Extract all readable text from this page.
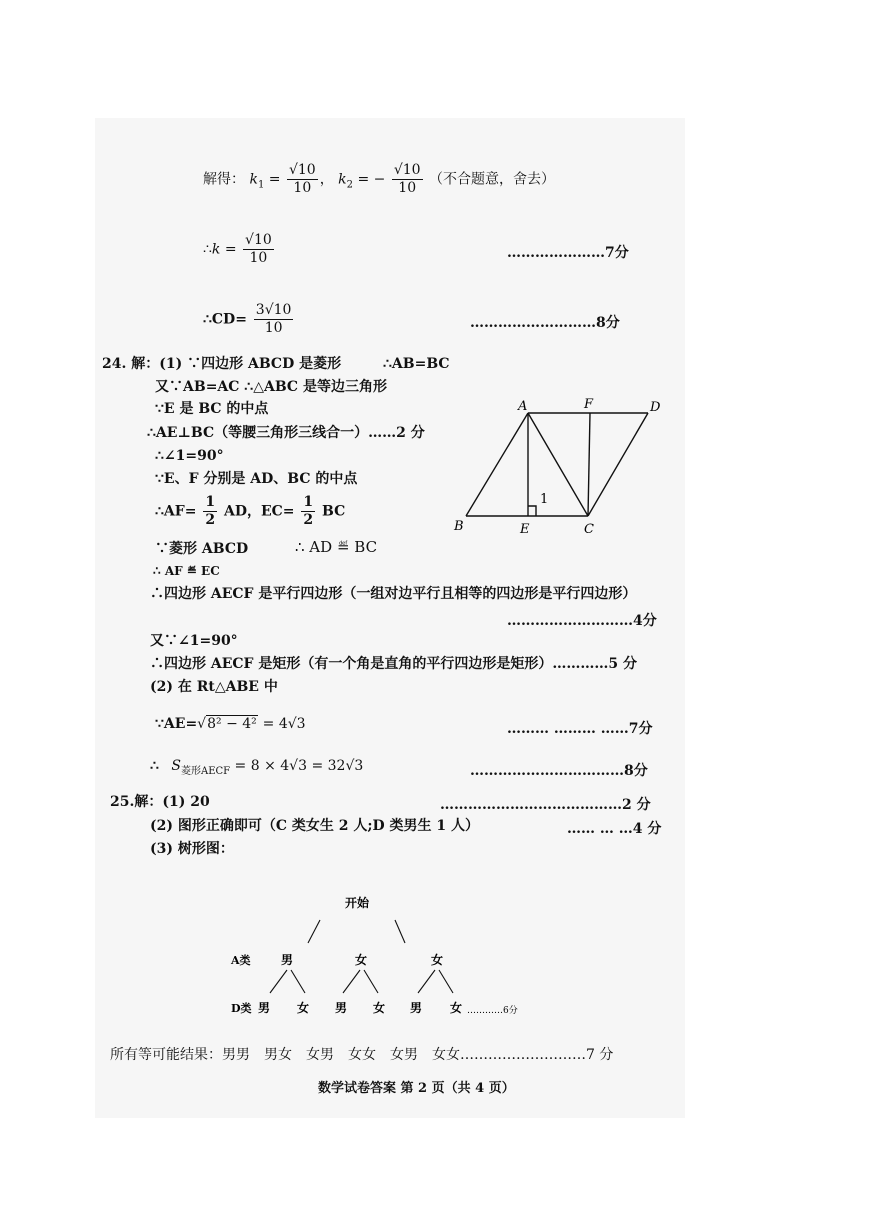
解得： $k_1 = \frac{√10}{10}$ ， $k_2$ = − $\frac{√10}{10}$ （不合题意，舍去）
∴k = $\frac{√10}{10}$	…………………7分
∴CD= $\frac{3√10}{10}$	………………………8分
24. 解：(1) ∵四边形 ABCD 是菱形	∴AB=BC
又∵AB=AC ∴△ABC 是等边三角形
∵E 是 BC 的中点
∴AE⊥BC（等腰三角形三线合一）……2 分
∴∠1=90°
∵E、F 分别是 AD、BC 的中点
∴AF= $\frac{1}{2}$ AD，$EC= \frac{1}{2}$ BC
∵菱形 ABCD	∴ AD ≝ BC
∴ AF ≝ EC
∴四边形 AECF 是平行四边形（一组对边平行且相等的四边形是平行四边形）
………………………4分
又∵∠1=90°
∴四边形 AECF 是矩形（有一个角是直角的平行四边形是矩形）…………5 分
(2) 在 Rt△ABE 中
∵AE=√8² − 4² = 4√3	……… ……… ……7分
∴ $S_{菱形AECF} = 8 \times 4√3 = 32√3$	……………………………8分
A	F	D
B	E	C
1
25.解：(1) 20	…………………………………2 分
(2) 图形正确即可（C 类女生 2 人;D 类男生 1 人）	…… … …4 分
(3) 树形图：
开始
A类	男	女	女
D类 男 女 男 女 男 女 …………6分
所有等可能结果：男男　男女　女男　女女　女男　女女………………………7 分
数学试卷答案 第 2 页（共 4 页）
